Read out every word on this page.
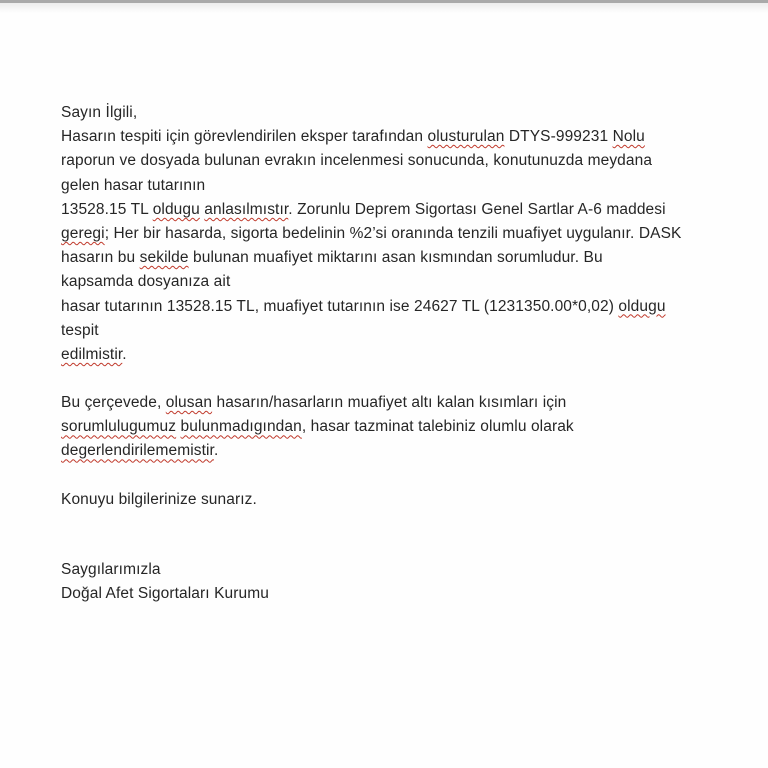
Sayın İlgili,
Hasarın tespiti için görevlendirilen eksper tarafından olusturulan DTYS-999231 Nolu
raporun ve dosyada bulunan evrakın incelenmesi sonucunda, konutunuzda meydana
gelen hasar tutarının
13528.15 TL oldugu anlasılmıstır. Zorunlu Deprem Sigortası Genel Sartlar A-6 maddesi
geregi; Her bir hasarda, sigorta bedelinin %2’si oranında tenzili muafiyet uygulanır. DASK
hasarın bu sekilde bulunan muafiyet miktarını asan kısmından sorumludur. Bu
kapsamda dosyanıza ait
hasar tutarının 13528.15 TL, muafiyet tutarının ise 24627 TL (1231350.00*0,02) oldugu
tespit
edilmistir.
Bu çerçevede, olusan hasarın/hasarların muafiyet altı kalan kısımları için
sorumlulugumuz bulunmadıgından, hasar tazminat talebiniz olumlu olarak
degerlendirilememistir.
Konuyu bilgilerinize sunarız.
Saygılarımızla
Doğal Afet Sigortaları Kurumu
